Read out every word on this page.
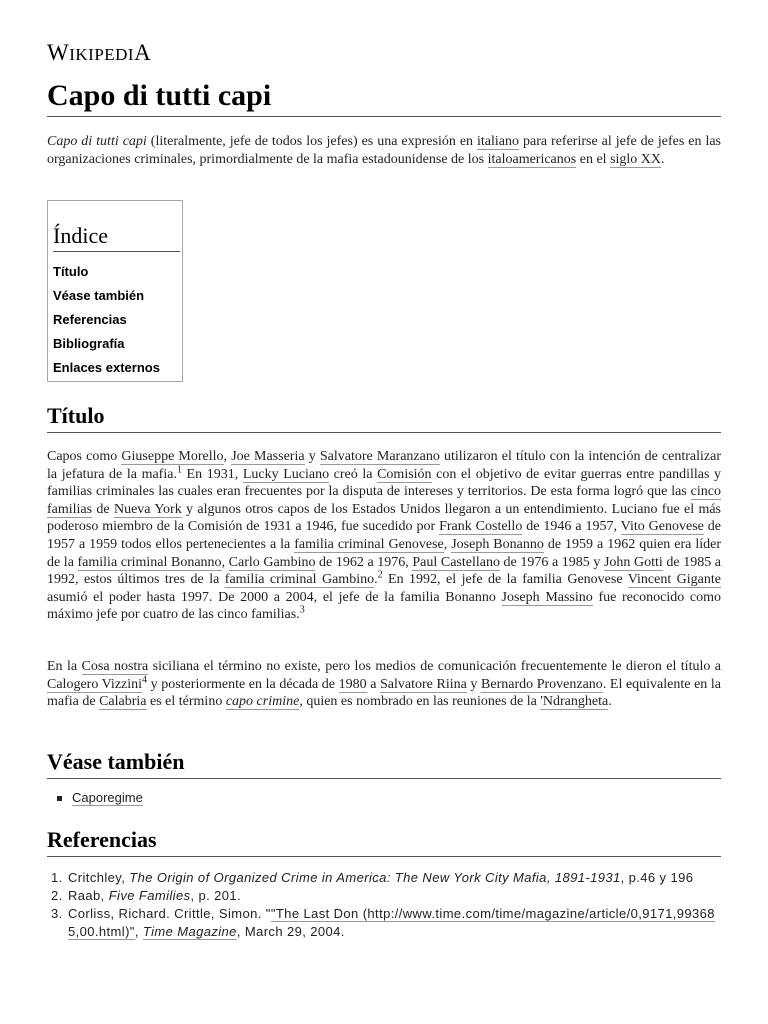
WIKIPEDIA
Capo di tutti capi

Capo di tutti capi (literalmente, jefe de todos los jefes) es una expresión en italiano para referirse al jefe de jefes en las organizaciones criminales, primordialmente de la mafia estadounidense de los italoamericanos en el siglo XX.

Índice
Título
Véase también
Referencias
Bibliografía
Enlaces externos
Título

Capos como Giuseppe Morello, Joe Masseria y Salvatore Maranzano utilizaron el título con la intención de centralizar la jefatura de la mafia.$^1$ En 1931, Lucky Luciano creó la Comisión con el objetivo de evitar guerras entre pandillas y familias criminales las cuales eran frecuentes por la disputa de intereses y territorios. De esta forma logró que las cinco familias de Nueva York y algunos otros capos de los Estados Unidos llegaron a un entendimiento. Luciano fue el más poderoso miembro de la Comisión de 1931 a 1946, fue sucedido por Frank Costello de 1946 a 1957, Vito Genovese de 1957 a 1959 todos ellos pertenecientes a la familia criminal Genovese, Joseph Bonanno de 1959 a 1962 quien era líder de la familia criminal Bonanno, Carlo Gambino de 1962 a 1976, Paul Castellano de 1976 a 1985 y John Gotti de 1985 a 1992, estos últimos tres de la familia criminal Gambino.$^2$ En 1992, el jefe de la familia Genovese Vincent Gigante asumió el poder hasta 1997. De 2000 a 2004, el jefe de la familia Bonanno Joseph Massino fue reconocido como máximo jefe por cuatro de las cinco familias.$^3$

En la Cosa nostra siciliana el término no existe, pero los medios de comunicación frecuentemente le dieron el título a Calogero Vizzini$^4$ y posteriormente en la década de 1980 a Salvatore Riina y Bernardo Provenzano. El equivalente en la mafia de Calabria es el término capo crimine, quien es nombrado en las reuniones de la 'Ndrangheta.

Véase también
Caporegime
Referencias
1. Critchley, The Origin of Organized Crime in America: The New York City Mafia, 1891-1931, p.46 y 196
2. Raab, Five Families, p. 201.
3. Corliss, Richard. Crittle, Simon. ""The Last Don (http://www.time.com/time/magazine/article/0,9171,993685,00.html)", Time Magazine, March 29, 2004.
